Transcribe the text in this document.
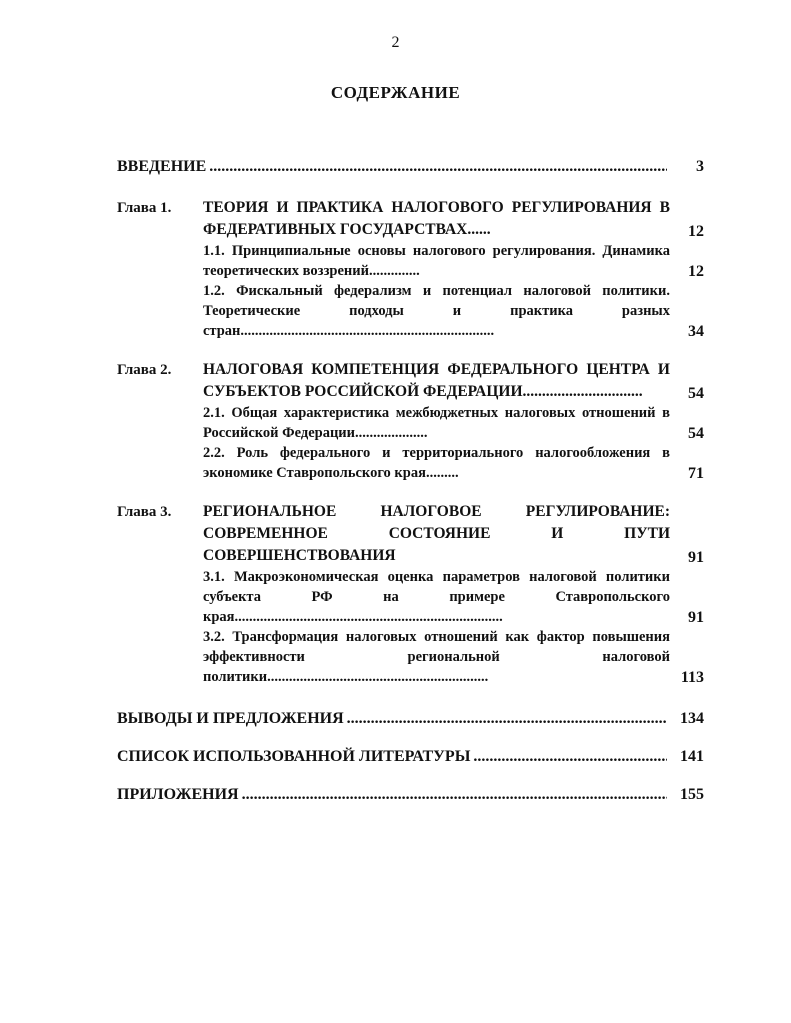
2
СОДЕРЖАНИЕ
ВВЕДЕНИЕ . . .	3
Глава 1.	ТЕОРИЯ И ПРАКТИКА НАЛОГОВОГО РЕГУЛИРОВАНИЯ В ФЕДЕРАТИВНЫХ ГОСУДАРСТВАХ......	12
1.1. Принципиальные основы налогового регулирования. Динамика теоретических воззрений..............	12
1.2. Фискальный федерализм и потенциал налоговой политики. Теоретические подходы и практика разных стран......................................................................	34
Глава 2.	НАЛОГОВАЯ КОМПЕТЕНЦИЯ ФЕДЕРАЛЬНОГО ЦЕНТРА И СУБЪЕКТОВ РОССИЙСКОЙ ФЕДЕРАЦИИ...............................	54
2.1. Общая характеристика межбюджетных налоговых отношений в Российской Федерации....................	54
2.2. Роль федерального и территориального налогообложения в экономике Ставропольского края.........	71
Глава 3.	РЕГИОНАЛЬНОЕ НАЛОГОВОЕ РЕГУЛИРОВАНИЕ: СОВРЕМЕННОЕ СОСТОЯНИЕ И ПУТИ СОВЕРШЕНСТВОВАНИЯ	91
3.1. Макроэкономическая оценка параметров налоговой политики субъекта РФ на примере Ставропольского края..........................................................................	91
3.2. Трансформация налоговых отношений как фактор повышения эффективности региональной налоговой политики.............................................................	113
ВЫВОДЫ И ПРЕДЛОЖЕНИЯ . . .	134
СПИСОК ИСПОЛЬЗОВАННОЙ ЛИТЕРАТУРЫ . . .	141
ПРИЛОЖЕНИЯ . . .	155
